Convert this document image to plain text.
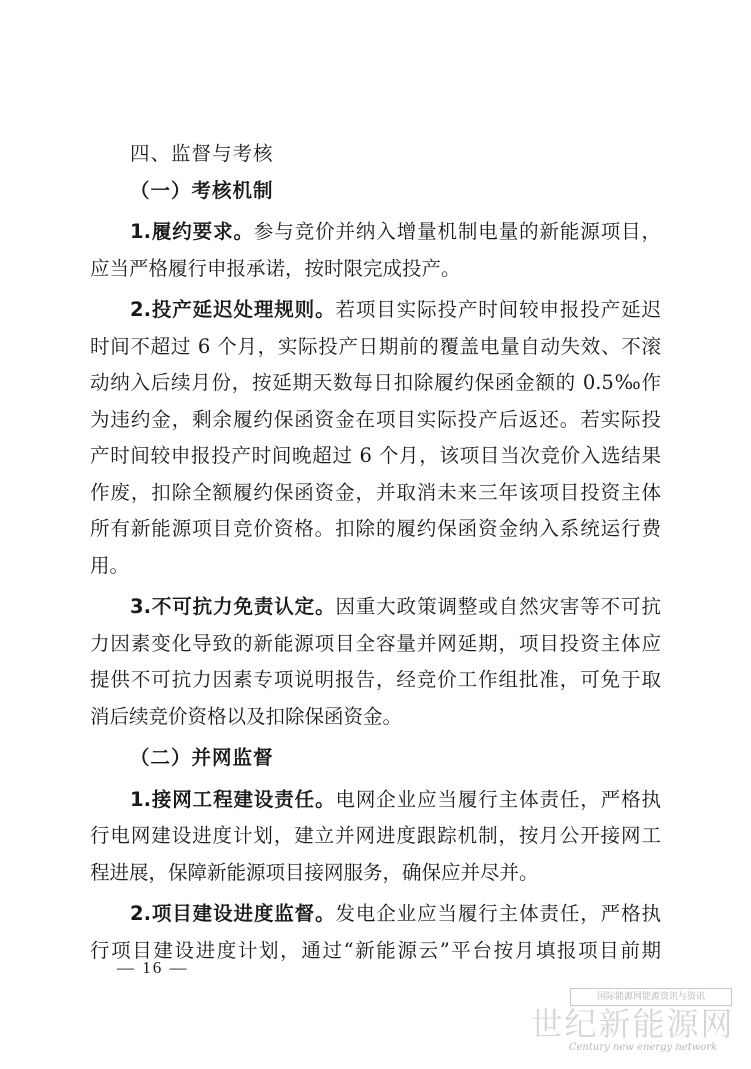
四、监督与考核
（一）考核机制
1.履约要求。参与竞价并纳入增量机制电量的新能源项目，
应当严格履行申报承诺，按时限完成投产。
2.投产延迟处理规则。若项目实际投产时间较申报投产延迟
时间不超过 6 个月，实际投产日期前的覆盖电量自动失效、不滚
动纳入后续月份，按延期天数每日扣除履约保函金额的 0.5‰作
为违约金，剩余履约保函资金在项目实际投产后返还。若实际投
产时间较申报投产时间晚超过 6 个月，该项目当次竞价入选结果
作废，扣除全额履约保函资金，并取消未来三年该项目投资主体
所有新能源项目竞价资格。扣除的履约保函资金纳入系统运行费
用。
3.不可抗力免责认定。因重大政策调整或自然灾害等不可抗
力因素变化导致的新能源项目全容量并网延期，项目投资主体应
提供不可抗力因素专项说明报告，经竞价工作组批准，可免于取
消后续竞价资格以及扣除保函资金。
（二）并网监督
1.接网工程建设责任。电网企业应当履行主体责任，严格执
行电网建设进度计划，建立并网进度跟踪机制，按月公开接网工
程进展，保障新能源项目接网服务，确保应并尽并。
2.项目建设进度监督。发电企业应当履行主体责任，严格执
行项目建设进度计划，通过“新能源云”平台按月填报项目前期
— 16 —
国际能源网能源资讯与资讯
世纪新能源网
Century new energy network
